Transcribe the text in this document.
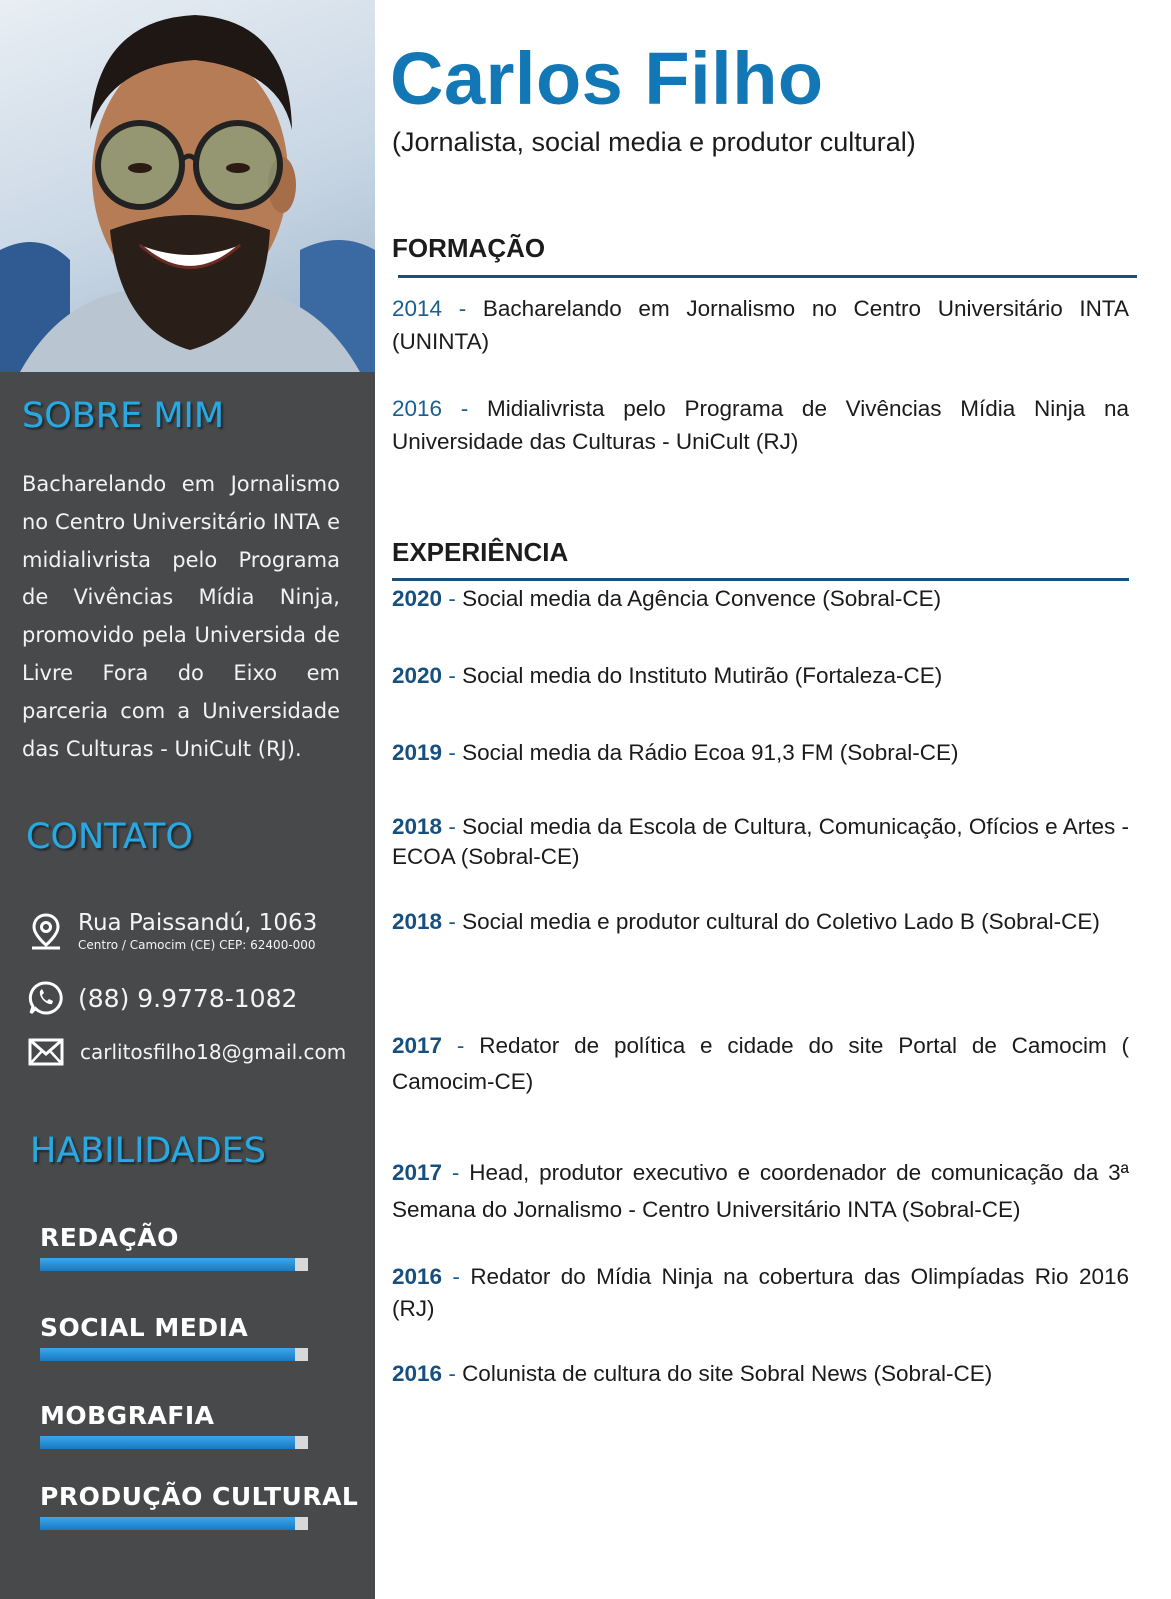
SOBRE MIM

Bacharelando em Jornalismo no Centro Universitário INTA e midialivrista pelo Programa de Vivências Mídia Ninja, promovido pela Universida de Livre Fora do Eixo em parceria com a Universidade das Culturas - UniCult (RJ).

CONTATO
Rua Paissandú, 1063
Centro / Camocim (CE) CEP: 62400-000
(88) 9.9778-1082
carlitosfilho18@gmail.com
HABILIDADES

REDAÇÃO

SOCIAL MEDIA

MOBGRAFIA

PRODUÇÃO CULTURAL

Carlos Filho

(Jornalista, social media e produtor cultural)

FORMAÇÃO

2014 - Bacharelando em Jornalismo no Centro Universitário INTA (UNINTA)

2016 - Midialivrista pelo Programa de Vivências Mídia Ninja na Universidade das Culturas - UniCult (RJ)

EXPERIÊNCIA

2020 - Social media da Agência Convence (Sobral-CE)

2020 - Social media do Instituto Mutirão (Fortaleza-CE)

2019 - Social media da Rádio Ecoa 91,3 FM (Sobral-CE)

2018 - Social media da Escola de Cultura, Comunicação, Ofícios e Artes - ECOA (Sobral-CE)

2018 - Social media e produtor cultural do Coletivo Lado B (Sobral-CE)

2017 - Redator de política e cidade do site Portal de Camocim ( Camocim-CE)

2017 - Head, produtor executivo e coordenador de comunicação da 3ª Semana do Jornalismo - Centro Universitário INTA (Sobral-CE)

2016 - Redator do Mídia Ninja na cobertura das Olimpíadas Rio 2016 (RJ)

2016 - Colunista de cultura do site Sobral News (Sobral-CE)
